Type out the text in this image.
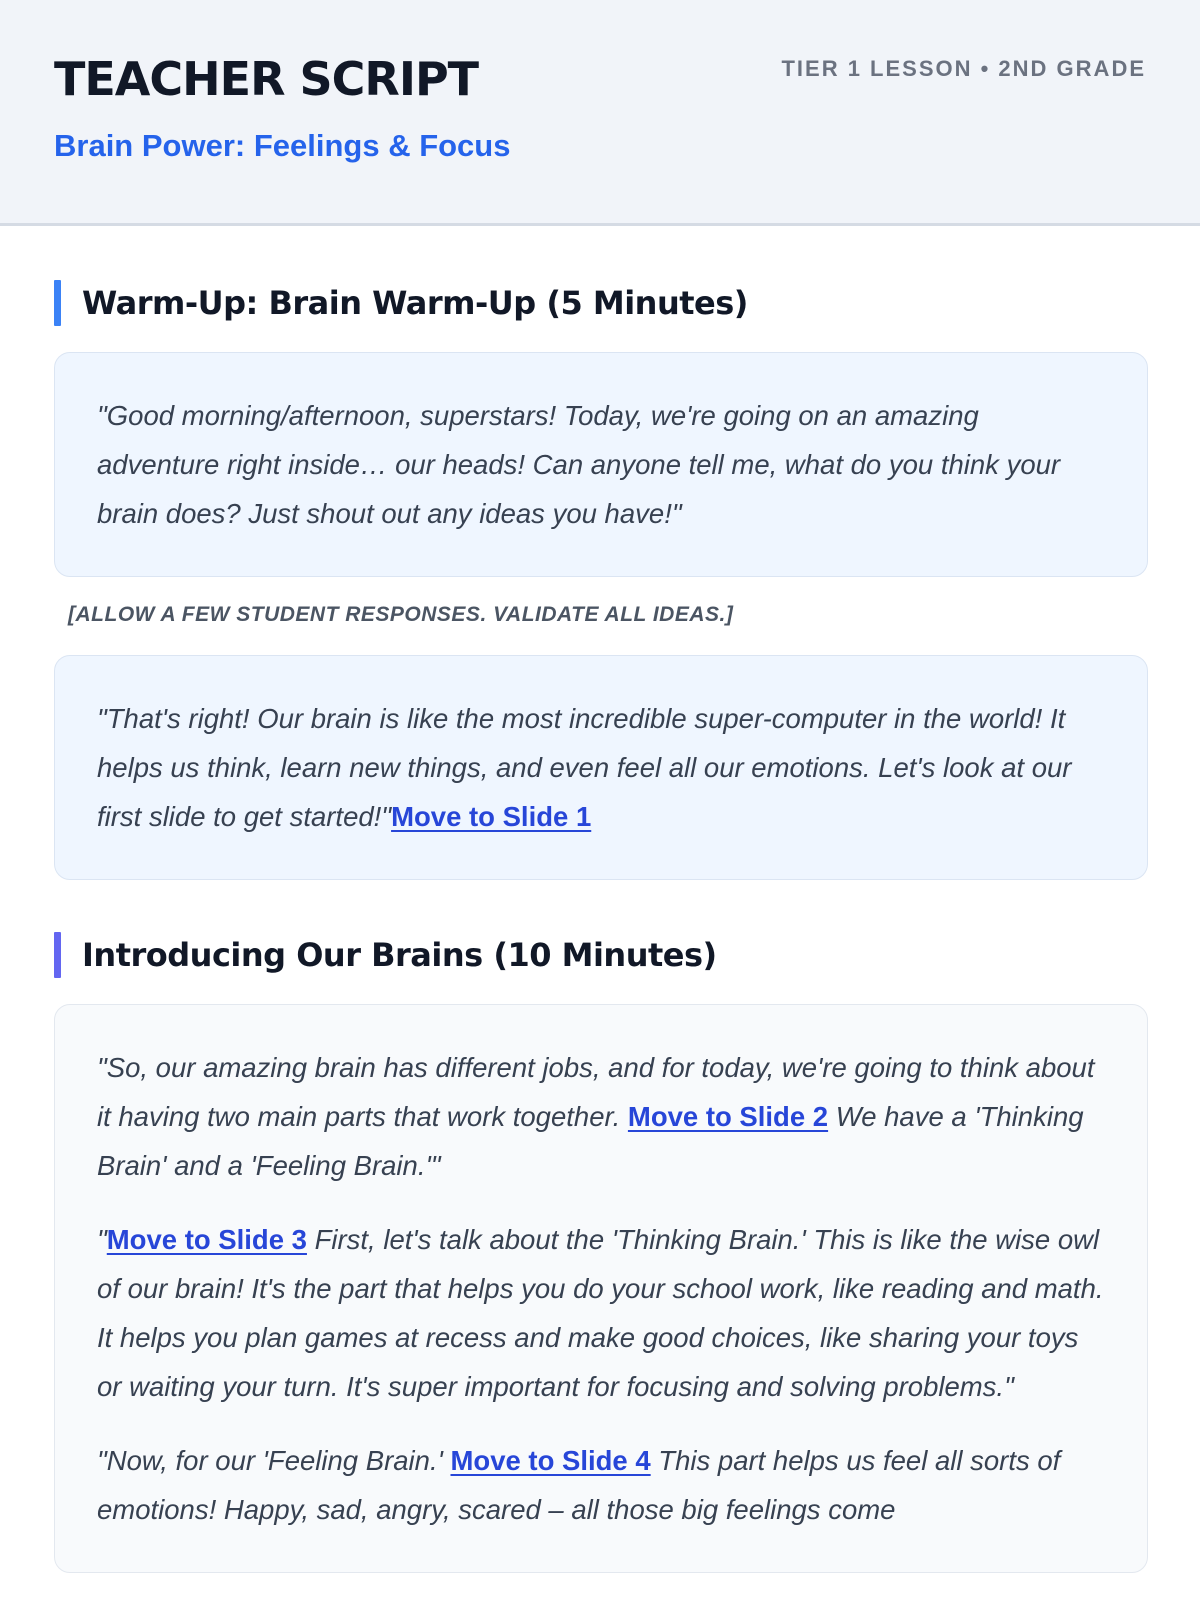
TEACHER SCRIPT
Brain Power: Feelings & Focus
TIER 1 LESSON • 2ND GRADE
Warm-Up: Brain Warm-Up (5 Minutes)

"Good morning/afternoon, superstars! Today, we're going on an amazing adventure right inside… our heads! Can anyone tell me, what do you think your brain does? Just shout out any ideas you have!"

[ALLOW A FEW STUDENT RESPONSES. VALIDATE ALL IDEAS.]

"That's right! Our brain is like the most incredible super-computer in the world! It helps us think, learn new things, and even feel all our emotions. Let's look at our first slide to get started!"Move to Slide 1

Introducing Our Brains (10 Minutes)

"So, our amazing brain has different jobs, and for today, we're going to think about it having two main parts that work together. Move to Slide 2 We have a 'Thinking Brain' and a 'Feeling Brain.'"

"Move to Slide 3 First, let's talk about the 'Thinking Brain.' This is like the wise owl of our brain! It's the part that helps you do your school work, like reading and math. It helps you plan games at recess and make good choices, like sharing your toys or waiting your turn. It's super important for focusing and solving problems."

"Now, for our 'Feeling Brain.' Move to Slide 4 This part helps us feel all sorts of emotions! Happy, sad, angry, scared – all those big feelings come
